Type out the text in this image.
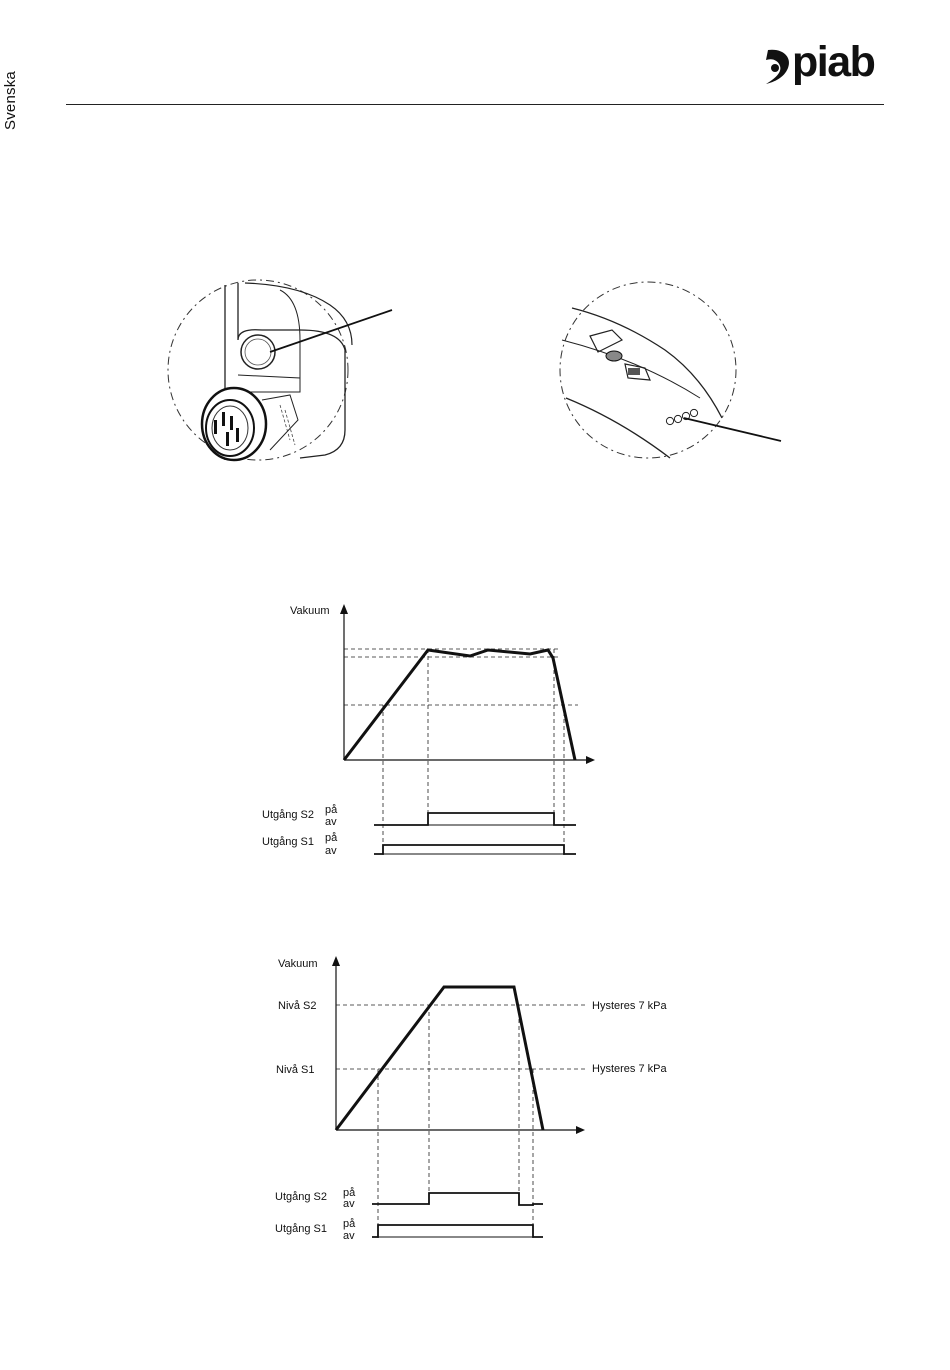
Svenska
piab
Vakuum
Utgång S2 på
av
Utgång S1 på
av
Vakuum
Nivå S2
Nivå S1
Hysteres 7 kPa
Hysteres 7 kPa
Utgång S2 på
av
Utgång S1 på
av
